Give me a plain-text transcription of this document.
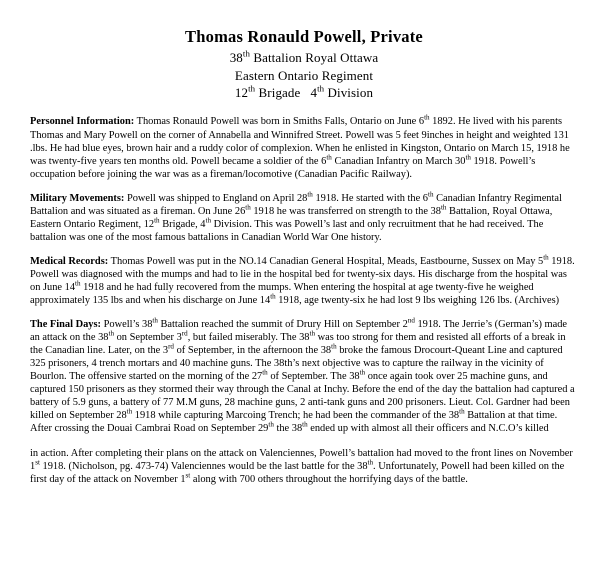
Thomas Ronauld Powell, Private
38th Battalion Royal Ottawa
Eastern Ontario Regiment
12th Brigade 4th Division

Personnel Information: Thomas Ronauld Powell was born in Smiths Falls, Ontario on June 6th 1892. He lived with his parents Thomas and Mary Powell on the corner of Annabella and Winnifred Street. Powell was 5 feet 9inches in height and weighted 131 .lbs. He had blue eyes, brown hair and a ruddy color of complexion. When he enlisted in Kingston, Ontario on March 15, 1918 he was twenty-five years ten months old. Powell became a soldier of the 6th Canadian Infantry on March 30th 1918. Powell’s occupation before joining the war was as a fireman/locomotive (Canadian Pacific Railway).

Military Movements: Powell was shipped to England on April 28th 1918. He started with the 6th Canadian Infantry Regimental Battalion and was situated as a fireman. On June 26th 1918 he was transferred on strength to the 38th Battalion, Royal Ottawa, Eastern Ontario Regiment, 12th Brigade, 4th Division. This was Powell’s last and only recruitment that he had received. The battalion was one of the most famous battalions in Canadian World War One history.

Medical Records: Thomas Powell was put in the NO.14 Canadian General Hospital, Meads, Eastbourne, Sussex on May 5th 1918. Powell was diagnosed with the mumps and had to lie in the hospital bed for twenty-six days. His discharge from the hospital was on June 14th 1918 and he had fully recovered from the mumps. When entering the hospital at age twenty-five he weighed approximately 135 lbs and when his discharge on June 14th 1918, age twenty-six he had lost 9 lbs weighing 126 lbs. (Archives)

The Final Days: Powell’s 38th Battalion reached the summit of Drury Hill on September 2nd 1918. The Jerrie’s (German’s) made an attack on the 38th on September 3rd, but failed miserably. The 38th was too strong for them and resisted all efforts of a break in the Canadian line. Later, on the 3rd of September, in the afternoon the 38th broke the famous Drocourt-Queant Line and captured 325 prisoners, 4 trench mortars and 40 machine guns. The 38th’s next objective was to capture the railway in the vicinity of Bourlon. The offensive started on the morning of the 27th of September. The 38th once again took over 25 machine guns, and captured 150 prisoners as they stormed their way through the Canal at Inchy. Before the end of the day the battalion had captured a battery of 5.9 guns, a battery of 77 M.M guns, 28 machine guns, 2 anti-tank guns and 200 prisoners. Lieut. Col. Gardner had been killed on September 28th 1918 while capturing Marcoing Trench; he had been the commander of the 38th Battalion at that time. After crossing the Douai Cambrai Road on September 29th the 38th ended up with almost all their officers and N.C.O’s killed

in action. After completing their plans on the attack on Valenciennes, Powell’s battalion had moved to the front lines on November 1st 1918. (Nicholson, pg. 473-74) Valenciennes would be the last battle for the 38th. Unfortunately, Powell had been killed on the first day of the attack on November 1st along with 700 others throughout the horrifying days of the battle.
